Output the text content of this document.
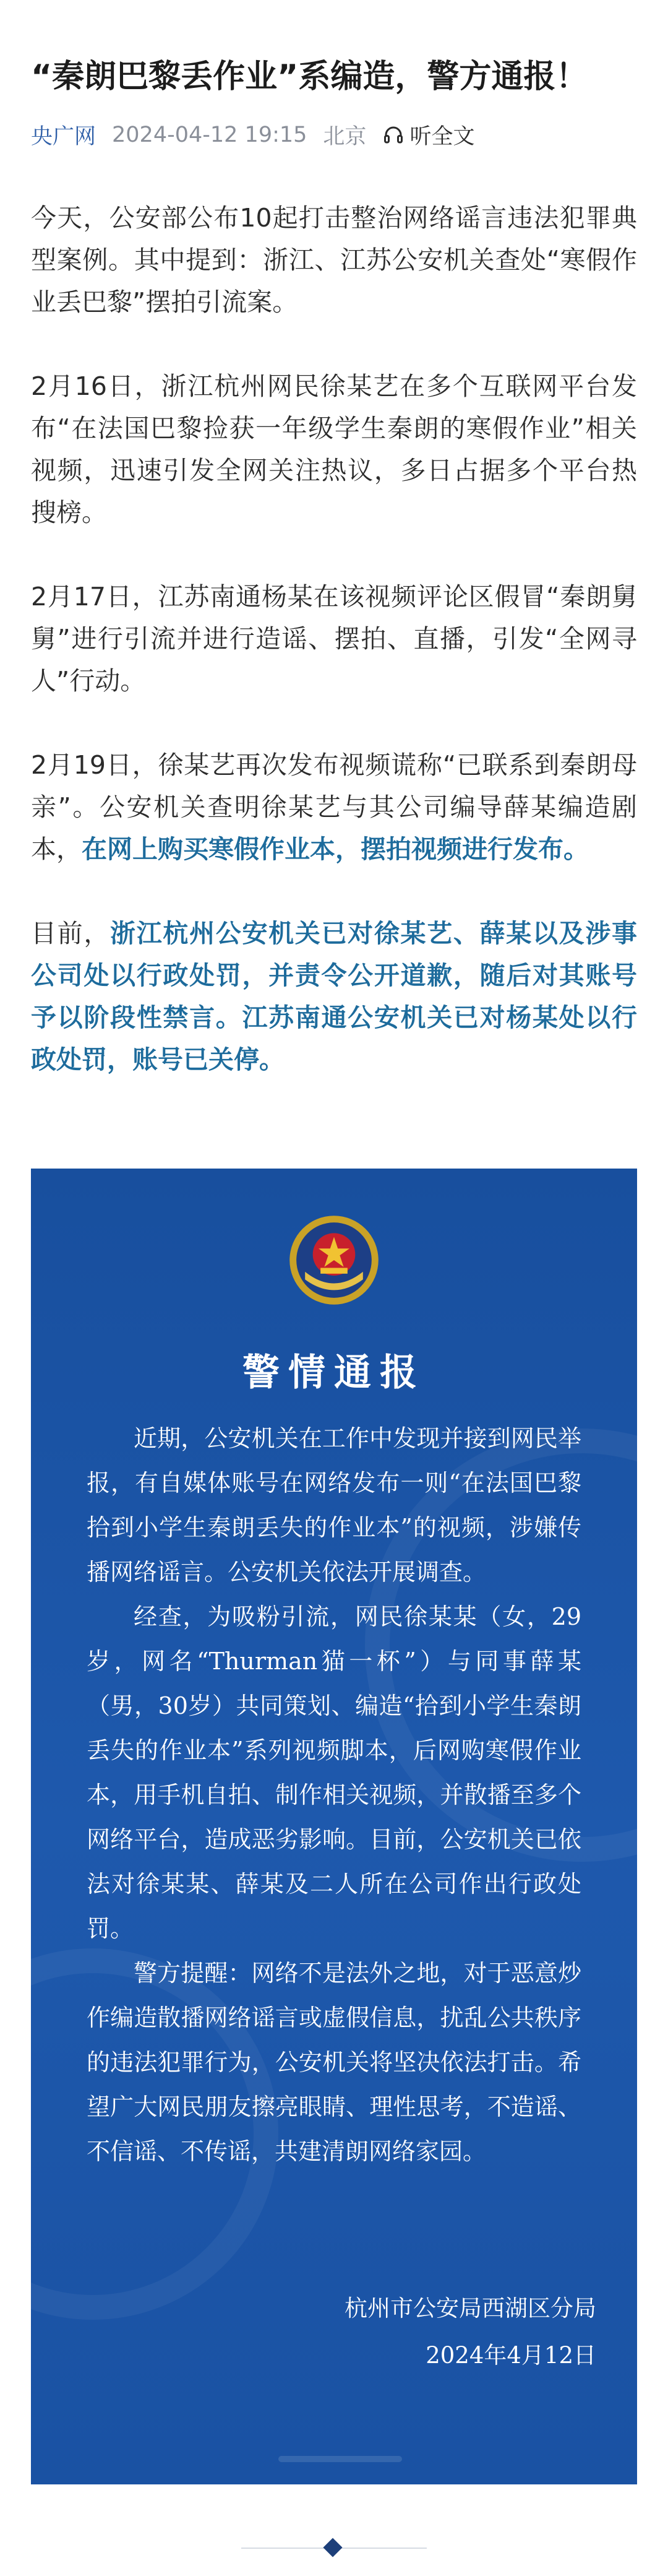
“秦朗巴黎丢作业”系编造，警方通报！
央广网 2024-04-12 19:15 北京 听全文

今天，公安部公布10起打击整治网络谣言违法犯罪典型案例。其中提到：浙江、江苏公安机关查处“寒假作业丢巴黎”摆拍引流案。

2月16日，浙江杭州网民徐某艺在多个互联网平台发布“在法国巴黎捡获一年级学生秦朗的寒假作业”相关视频，迅速引发全网关注热议，多日占据多个平台热搜榜。

2月17日，江苏南通杨某在该视频评论区假冒“秦朗舅舅”进行引流并进行造谣、摆拍、直播，引发“全网寻人”行动。

2月19日，徐某艺再次发布视频谎称“已联系到秦朗母亲”。公安机关查明徐某艺与其公司编导薛某编造剧本，在网上购买寒假作业本，摆拍视频进行发布。

目前，浙江杭州公安机关已对徐某艺、薛某以及涉事公司处以行政处罚，并责令公开道歉，随后对其账号予以阶段性禁言。江苏南通公安机关已对杨某处以行政处罚，账号已关停。

警情通报

近期，公安机关在工作中发现并接到网民举报，有自媒体账号在网络发布一则“在法国巴黎拾到小学生秦朗丢失的作业本”的视频，涉嫌传播网络谣言。公安机关依法开展调查。

经查，为吸粉引流，网民徐某某（女，29岁，网名“Thurman猫一杯”）与同事薛某（男，30岁）共同策划、编造“拾到小学生秦朗丢失的作业本”系列视频脚本，后网购寒假作业本，用手机自拍、制作相关视频，并散播至多个网络平台，造成恶劣影响。目前，公安机关已依法对徐某某、薛某及二人所在公司作出行政处罚。

警方提醒：网络不是法外之地，对于恶意炒作编造散播网络谣言或虚假信息，扰乱公共秩序的违法犯罪行为，公安机关将坚决依法打击。希望广大网民朋友擦亮眼睛、理性思考，不造谣、不信谣、不传谣，共建清朗网络家园。

杭州市公安局西湖区分局
2024年4月12日
